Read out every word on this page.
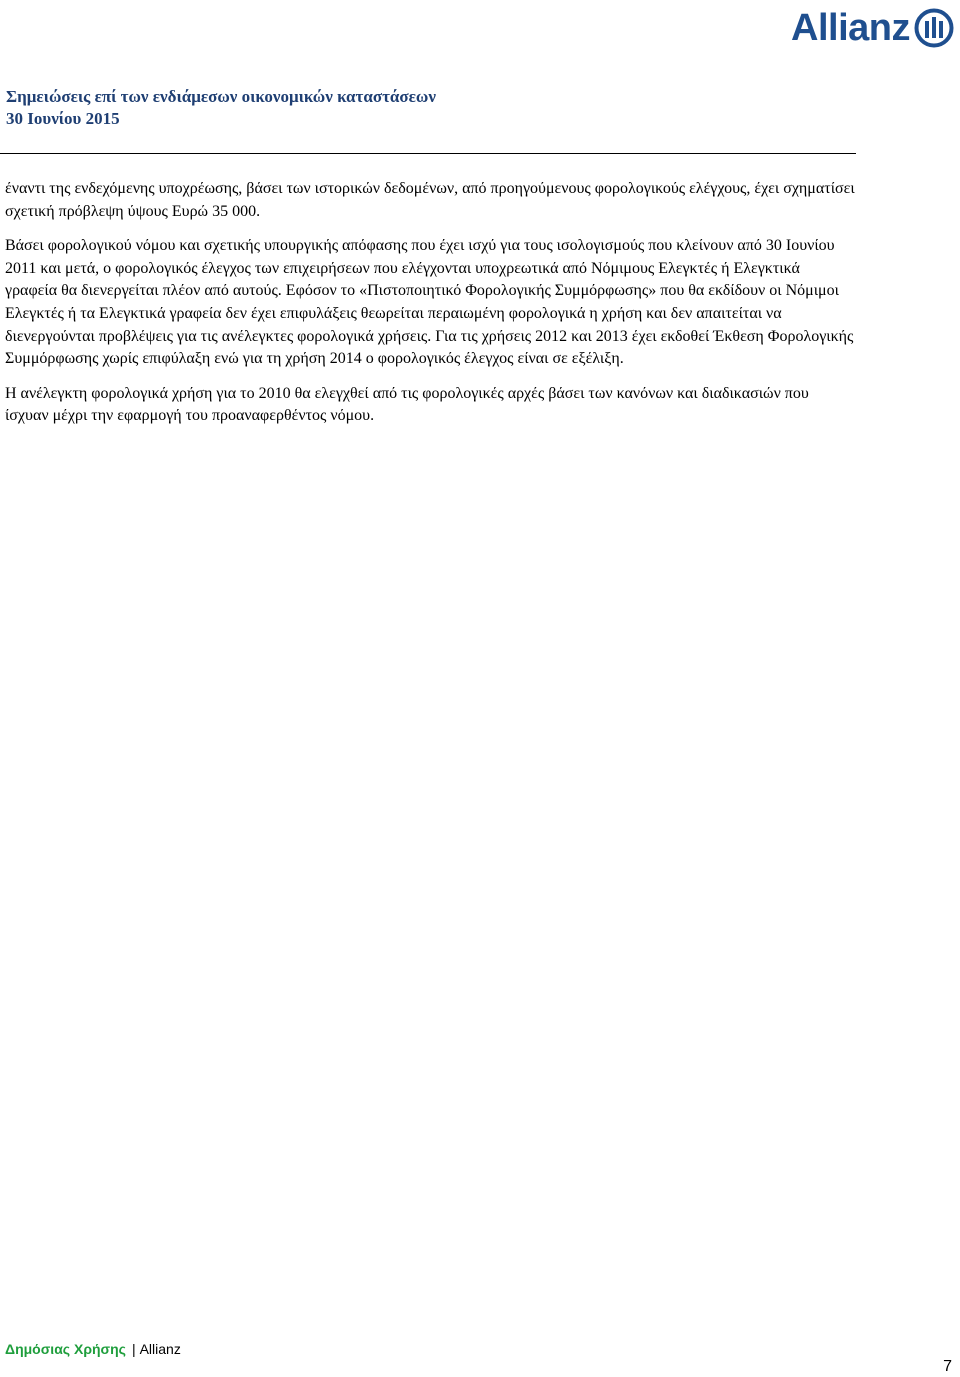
Allianz
Σημειώσεις επί των ενδιάμεσων οικονομικών καταστάσεων
30 Ιουνίου 2015

έναντι της ενδεχόμενης υποχρέωσης, βάσει των ιστορικών δεδομένων, από προηγούμενους φορολογικούς ελέγχους, έχει σχηματίσει σχετική πρόβλεψη ύψους Ευρώ 35 000.

Βάσει φορολογικού νόμου και σχετικής υπουργικής απόφασης που έχει ισχύ για τους ισολογισμούς που κλείνουν από 30 Ιουνίου 2011 και μετά, ο φορολογικός έλεγχος των επιχειρήσεων που ελέγχονται υποχρεωτικά από Νόμιμους Ελεγκτές ή Ελεγκτικά γραφεία θα διενεργείται πλέον από αυτούς. Εφόσον το «Πιστοποιητικό Φορολογικής Συμμόρφωσης» που θα εκδίδουν οι Νόμιμοι Ελεγκτές ή τα Ελεγκτικά γραφεία δεν έχει επιφυλάξεις θεωρείται περαιωμένη φορολογικά η χρήση και δεν απαιτείται να διενεργούνται προβλέψεις για τις ανέλεγκτες φορολογικά χρήσεις. Για τις χρήσεις 2012 και 2013 έχει εκδοθεί Έκθεση Φορολογικής Συμμόρφωσης χωρίς επιφύλαξη ενώ για τη χρήση 2014 ο φορολογικός έλεγχος είναι σε εξέλιξη.

Η ανέλεγκτη φορολογικά χρήση για το 2010 θα ελεγχθεί από τις φορολογικές αρχές βάσει των κανόνων και διαδικασιών που ίσχυαν μέχρι την εφαρμογή του προαναφερθέντος νόμου.

Δημόσιας Χρήσης | Allianz
7
